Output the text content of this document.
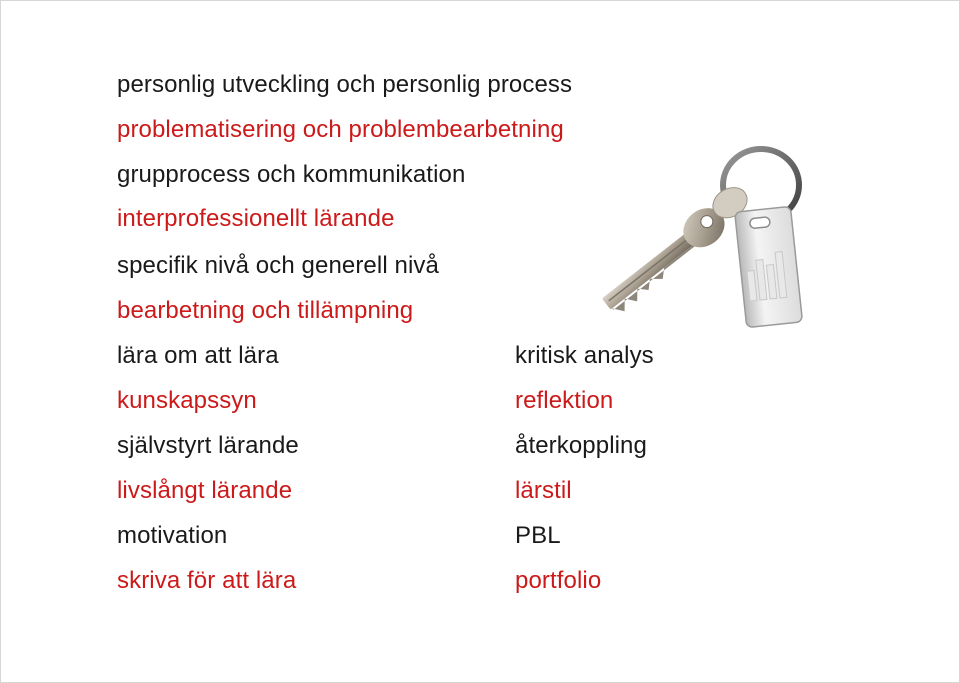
personlig utveckling och personlig process
problematisering och problembearbetning
grupprocess och kommunikation
interprofessionellt lärande
specifik nivå och generell nivå
bearbetning och tillämpning
lära om att lära
kunskapssyn
självstyrt lärande
livslångt lärande
motivation
skriva för att lära
kritisk analys
reflektion
återkoppling
lärstil
PBL
portfolio
